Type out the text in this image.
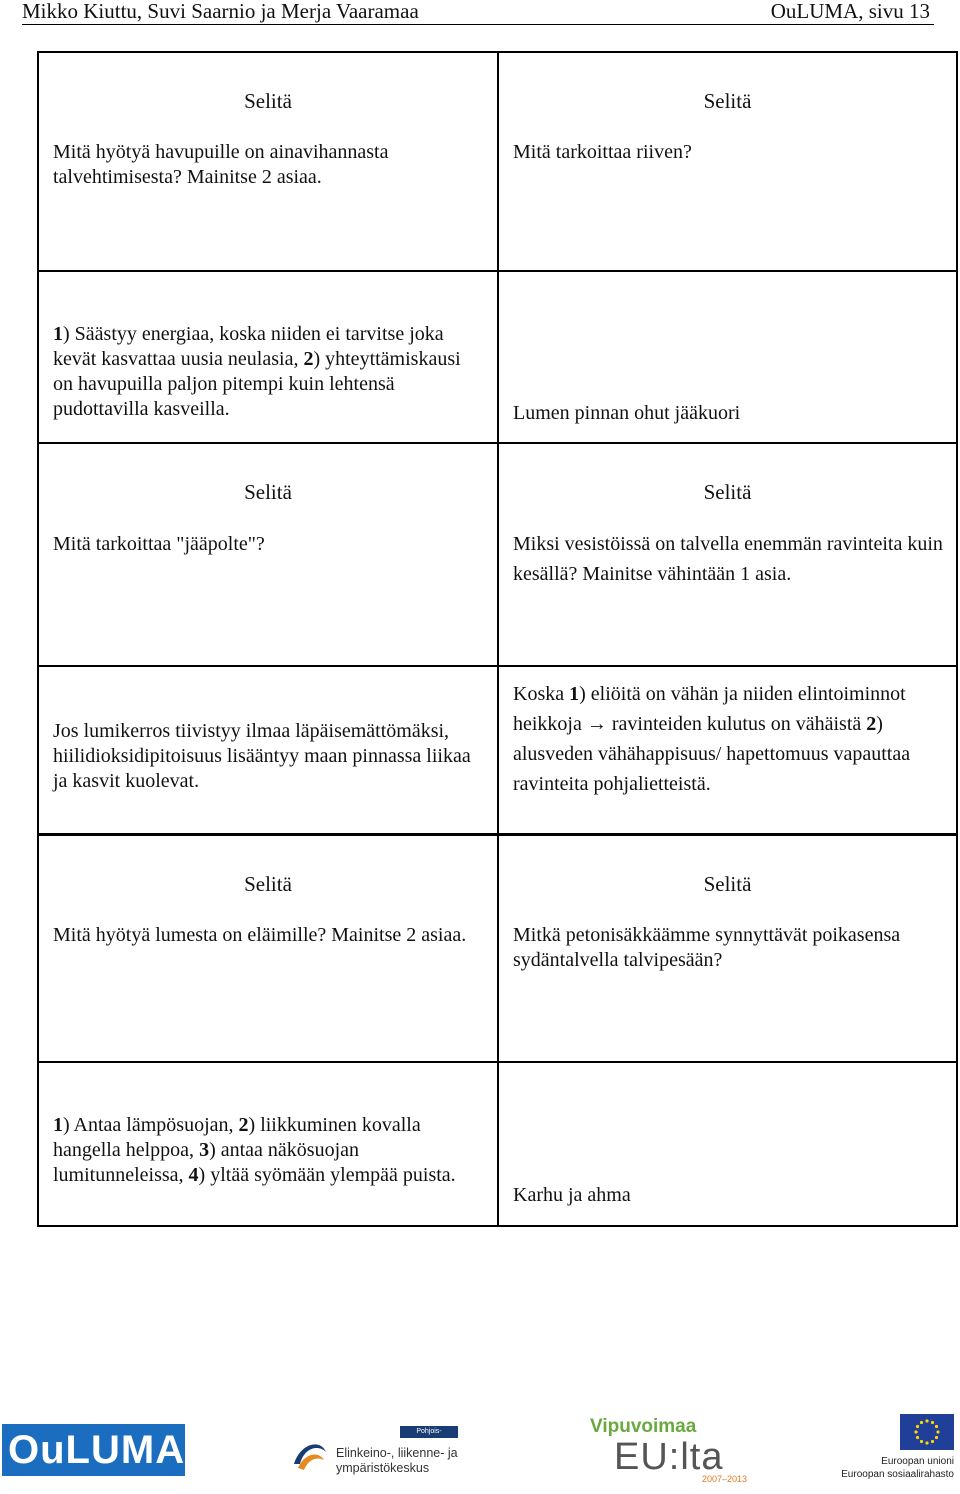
Mikko Kiuttu, Suvi Saarnio ja Merja Vaaramaa	OuLUMA, sivu 13
Selitä
Mitä hyötyä havupuille on ainavihannasta talvehtimisesta? Mainitse 2 asiaa.
1) Säästyy energiaa, koska niiden ei tarvitse joka kevät kasvattaa uusia neulasia, 2) yhteyttämiskausi on havupuilla paljon pitempi kuin lehtensä pudottavilla kasveilla.
Selitä
Mitä tarkoittaa riiven?
Lumen pinnan ohut jääkuori
Selitä
Mitä tarkoittaa "jääpolte"?
Jos lumikerros tiivistyy ilmaa läpäisemättömäksi, hiilidioksidipitoisuus lisääntyy maan pinnassa liikaa ja kasvit kuolevat.
Selitä
Miksi vesistöissä on talvella enemmän ravinteita kuin kesällä? Mainitse vähintään 1 asia.
Koska 1) eliöitä on vähän ja niiden elintoiminnot heikkoja → ravinteiden kulutus on vähäistä 2) alusveden vähähappisuus/ hapettomuus vapauttaa ravinteita pohjalietteistä.
Selitä
Mitä hyötyä lumesta on eläimille? Mainitse 2 asiaa.
1) Antaa lämpösuojan, 2) liikkuminen kovalla hangella helppoa, 3) antaa näkösuojan lumitunneleissa, 4) yltää syömään ylempää puista.
Selitä
Mitkä petonisäkkäämme synnyttävät poikasensa sydäntalvella talvipesään?
Karhu ja ahma
OuLUMA	Pohjois-Pohjanmaa
Elinkeino-, liikenne- ja
ympäristökeskus
Vipuvoimaa
EU:lta
2007–2013
Euroopan unioni
Euroopan sosiaalirahasto
